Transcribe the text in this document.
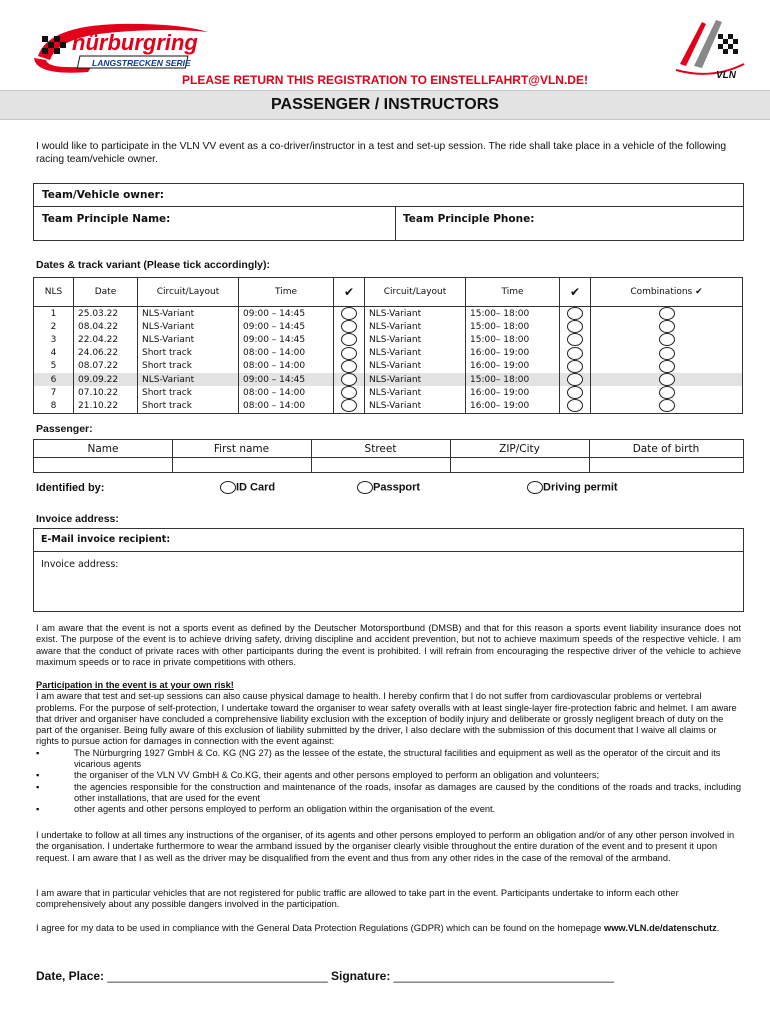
nürburgring
LANGSTRECKEN SERIE
VLN
PLEASE RETURN THIS REGISTRATION TO EINSTELLFAHRT@VLN.DE!
PASSENGER / INSTRUCTORS
I would like to participate in the VLN VV event as a co-driver/instructor in a test and set-up session. The ride shall take place in a vehicle of the following racing team/vehicle owner.
Team/Vehicle owner:
Team Principle Name:	Team Principle Phone:
Dates & track variant (Please tick accordingly):
NLS	Date	Circuit/Layout	Time	✔	Circuit/Layout	Time	✔	Combinations ✔
1	25.03.22	NLS-Variant	09:00 – 14:45		NLS-Variant	15:00– 18:00		
2	08.04.22	NLS-Variant	09:00 – 14:45		NLS-Variant	15:00– 18:00		
3	22.04.22	NLS-Variant	09:00 – 14:45		NLS-Variant	15:00– 18:00		
4	24.06.22	Short track	08:00 – 14:00		NLS-Variant	16:00– 19:00		
5	08.07.22	Short track	08:00 – 14:00		NLS-Variant	16:00– 19:00		
6	09.09.22	NLS-Variant	09:00 – 14:45		NLS-Variant	15:00– 18:00		
7	07.10.22	Short track	08:00 – 14:00		NLS-Variant	16:00– 19:00		
8	21.10.22	Short track	08:00 – 14:00		NLS-Variant	16:00– 19:00		
Passenger:
Name	First name	Street	ZIP/City	Date of birth
Identified by:	ID Card	Passport	Driving permit
Invoice address:
E-Mail invoice recipient:
Invoice address:
I am aware that the event is not a sports event as defined by the Deutscher Motorsportbund (DMSB) and that for this reason a sports event liability insurance does not exist. The purpose of the event is to achieve driving safety, driving discipline and accident prevention, but not to achieve maximum speeds of the respective vehicle. I am aware that the conduct of private races with other participants during the event is prohibited. I will refrain from encouraging the respective driver of the vehicle to achieve maximum speeds or to race in private competitions with others.

Participation in the event is at your own risk!

I am aware that test and set-up sessions can also cause physical damage to health. I hereby confirm that I do not suffer from cardiovascular problems or vertebral problems. For the purpose of self-protection, I undertake toward the organiser to wear safety overalls with at least single-layer fire-protection fabric and helmet. I am aware that driver and organiser have concluded a comprehensive liability exclusion with the exception of bodily injury and deliberate or grossly negligent breach of duty on the part of the organiser. Being fully aware of this exclusion of liability submitted by the driver, I also declare with the submission of this document that I waive all claims or rights to pursue action for damages in connection with the event against:

▪	The Nürburgring 1927 GmbH & Co. KG (NG 27) as the lessee of the estate, the structural facilities and equipment as well as the operator of the circuit and its vicarious agents
▪	the organiser of the VLN VV GmbH & Co.KG, their agents and other persons employed to perform an obligation and volunteers;
▪	the agencies responsible for the construction and maintenance of the roads, insofar as damages are caused by the conditions of the roads and tracks, including other installations, that are used for the event
▪	other agents and other persons employed to perform an obligation within the organisation of the event.
I undertake to follow at all times any instructions of the organiser, of its agents and other persons employed to perform an obligation and/or of any other person involved in the organisation. I undertake furthermore to wear the armband issued by the organiser clearly visible throughout the entire duration of the event and to present it upon request. I am aware that I as well as the driver may be disqualified from the event and thus from any other rides in the case of the removal of the armband.
I am aware that in particular vehicles that are not registered for public traffic are allowed to take part in the event. Participants undertake to inform each other comprehensively about any possible dangers involved in the participation.
I agree for my data to be used in compliance with the General Data Protection Regulations (GDPR) which can be found on the homepage www.VLN.de/datenschutz.
Date, Place: _________________________________ Signature: _________________________________
